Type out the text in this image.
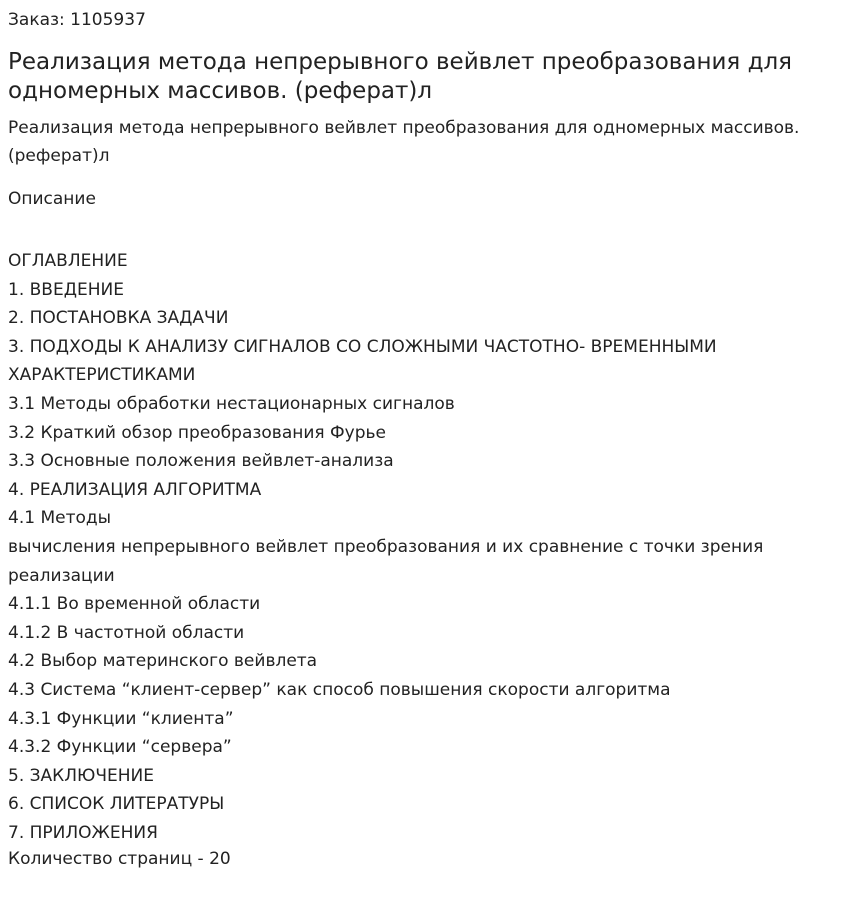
Заказ: 1105937
Реализация метода непрерывного вейвлет преобразования для одномерных массивов. (реферат)л
Реализация метода непрерывного вейвлет преобразования для одномерных массивов. (реферат)л
Описание
ОГЛАВЛЕНИЕ
1. ВВЕДЕНИЕ
2. ПОСТАНОВКА ЗАДАЧИ
3. ПОДХОДЫ К АНАЛИЗУ СИГНАЛОВ СО СЛОЖНЫМИ ЧАСТОТНО- ВРЕМЕННЫМИ ХАРАКТЕРИСТИКАМИ
3.1 Методы обработки нестационарных сигналов
3.2 Краткий обзор преобразования Фурье
3.3 Основные положения вейвлет-анализа
4. РЕАЛИЗАЦИЯ АЛГОРИТМА
4.1 Методы
вычисления непрерывного вейвлет преобразования и их сравнение с точки зрения реализации
4.1.1 Во временной области
4.1.2 В частотной области
4.2 Выбор материнского вейвлета
4.3 Система “клиент-сервер” как способ повышения скорости алгоритма
4.3.1 Функции “клиента”
4.3.2 Функции “сервера”
5. ЗАКЛЮЧЕНИЕ
6. СПИСОК ЛИТЕРАТУРЫ
7. ПРИЛОЖЕНИЯ
Количество страниц - 20
